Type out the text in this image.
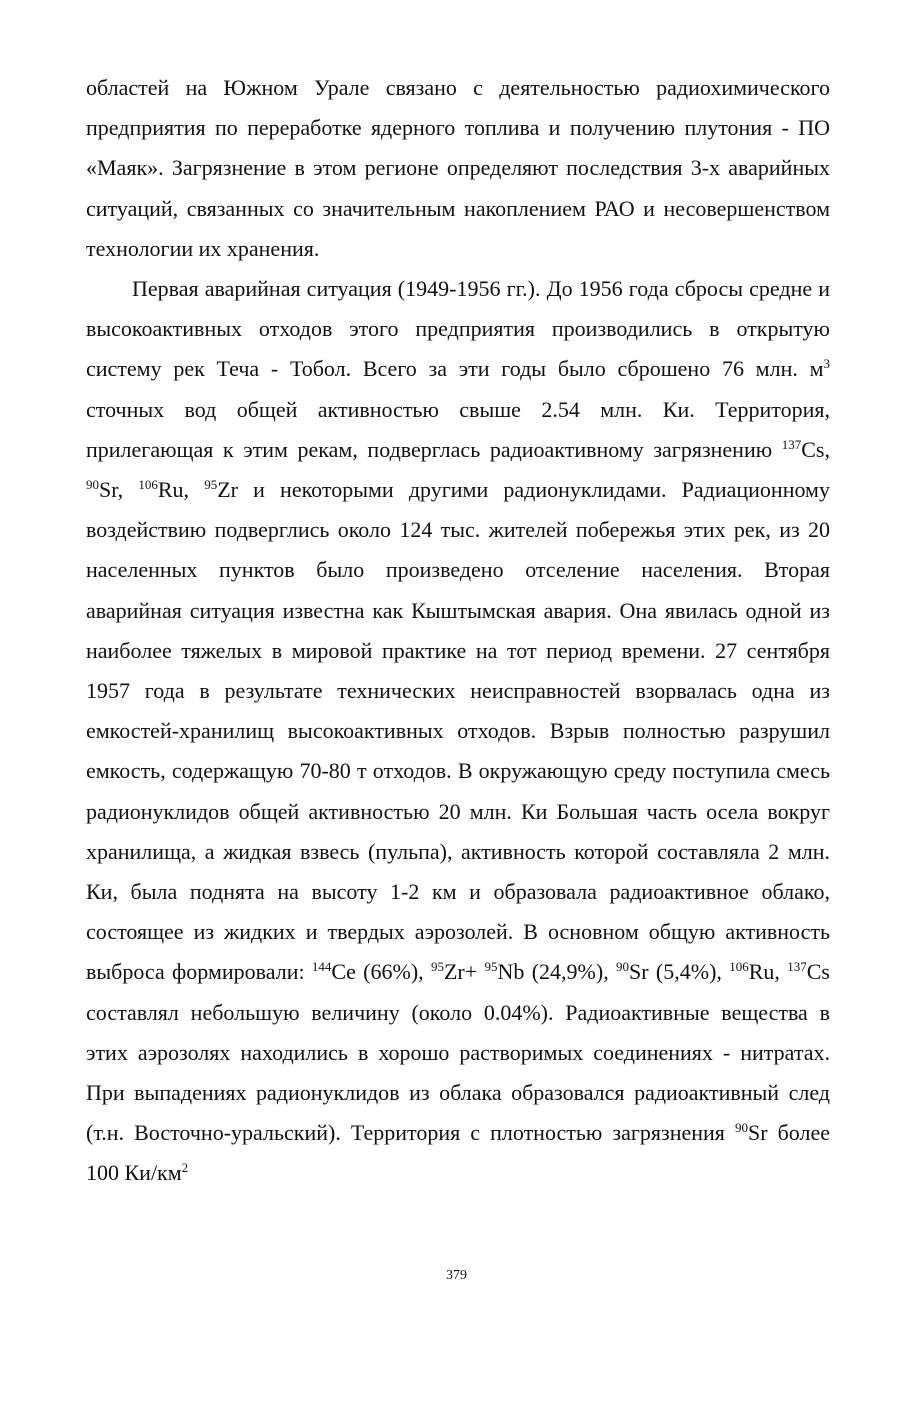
областей на Южном Урале связано с деятельностью радиохимического предприятия по переработке ядерного топлива и получению плутония - ПО «Маяк». Загрязнение в этом регионе определяют последствия 3-х аварийных ситуаций, связанных со значительным накоплением РАО и несовершенством технологии их хранения.

Первая аварийная ситуация (1949-1956 гг.). До 1956 года сбросы средне и высокоактивных отходов этого предприятия производились в открытую систему рек Теча - Тобол. Всего за эти годы было сброшено 76 млн. $м^3$ сточных вод общей активностью свыше 2.54 млн. Ки. Территория, прилегающая к этим рекам, подверглась радиоактивному загрязнению $^{137}$Cs, $^{90}$Sr, $^{106}$Ru, $^{95}$Zr и некоторыми другими радионуклидами. Радиационному воздействию подверглись около 124 тыс. жителей побережья этих рек, из 20 населенных пунктов было произведено отселение населения. Вторая аварийная ситуация известна как Кыштымская авария. Она явилась одной из наиболее тяжелых в мировой практике на тот период времени. 27 сентября 1957 года в результате технических неисправностей взорвалась одна из емкостей-хранилищ высокоактивных отходов. Взрыв полностью разрушил емкость, содержащую 70-80 т отходов. В окружающую среду поступила смесь радионуклидов общей активностью 20 млн. Ки Большая часть осела вокруг хранилища, а жидкая взвесь (пульпа), активность которой составляла 2 млн. Ки, была поднята на высоту 1-2 км и образовала радиоактивное облако, состоящее из жидких и твердых аэрозолей. В основном общую активность выброса формировали: $^{144}$Ce (66%), $^{95}$Zr+ $^{95}$Nb (24,9%), $^{90}$Sr (5,4%), $^{106}$Ru, $^{137}$Cs составлял небольшую величину (около 0.04%). Радиоактивные вещества в этих аэрозолях находились в хорошо растворимых соединениях - нитратах. При выпадениях радионуклидов из облака образовался радиоактивный след (т.н. Восточно-уральский). Территория с плотностью загрязнения $^{90}$Sr более 100 $Ки/км^2$

379
